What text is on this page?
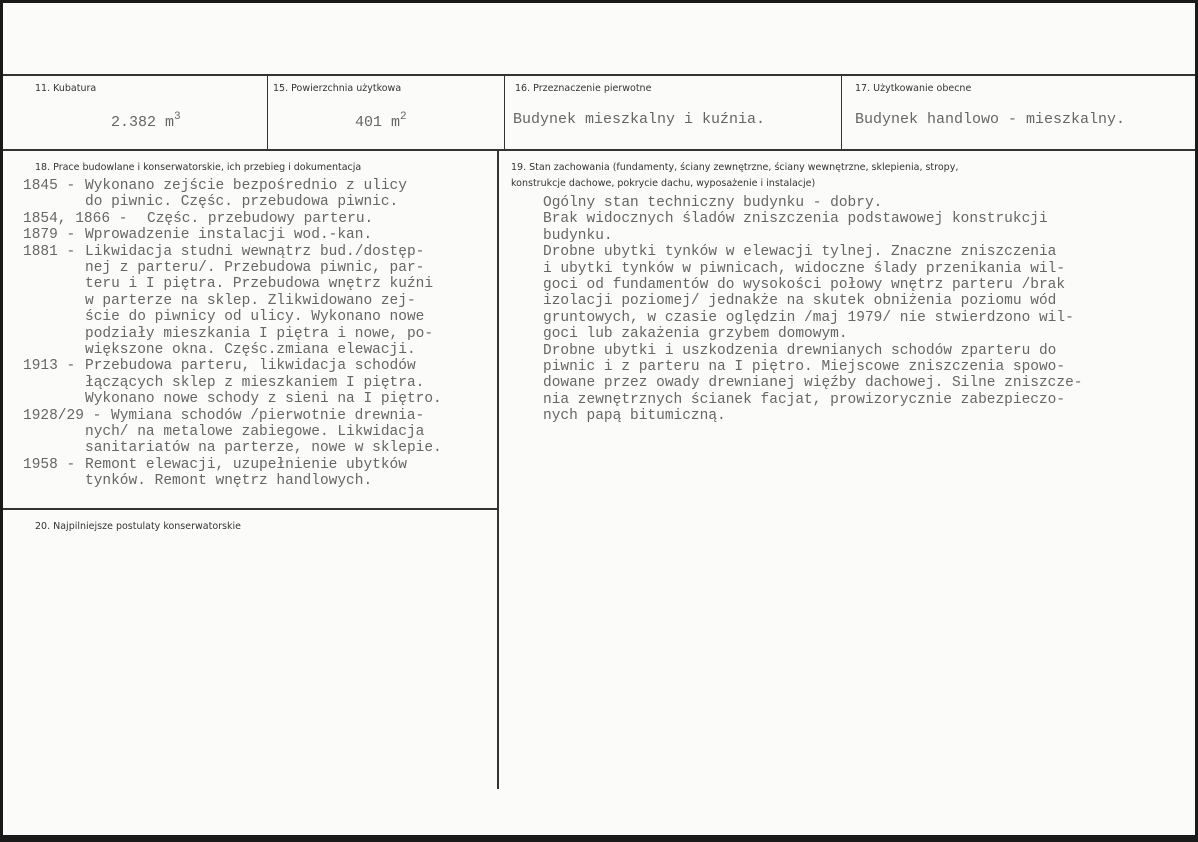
11. Kubatura
2.382 $m^3$
15. Powierzchnia użytkowa
401 $m^2$
16. Przeznaczenie pierwotne
Budynek mieszkalny i kuźnia.
17. Użytkowanie obecne
Budynek handlowo - mieszkalny.
18. Prace budowlane i konserwatorskie, ich przebieg i dokumentacja
1845 - Wykonano zejście bezpośrednio z ulicy
do piwnic. Częśc. przebudowa piwnic.
1854, 1866 - Częśc. przebudowy parteru.
1879 - Wprowadzenie instalacji wod.-kan.
1881 - Likwidacja studni wewnątrz bud./dostęp-
nej z parteru/. Przebudowa piwnic, par-
teru i I piętra. Przebudowa wnętrz kuźni
w parterze na sklep. Zlikwidowano zej-
ście do piwnicy od ulicy. Wykonano nowe
podziały mieszkania I piętra i nowe, po-
większone okna. Częśc.zmiana elewacji.
1913 - Przebudowa parteru, likwidacja schodów
łączących sklep z mieszkaniem I piętra.
Wykonano nowe schody z sieni na I piętro.
1928/29 - Wymiana schodów /pierwotnie drewnia-
nych/ na metalowe zabiegowe. Likwidacja
sanitariatów na parterze, nowe w sklepie.
1958 - Remont elewacji, uzupełnienie ubytków
tynków. Remont wnętrz handlowych.
19. Stan zachowania (fundamenty, ściany zewnętrzne, ściany wewnętrzne, sklepienia, stropy,
konstrukcje dachowe, pokrycie dachu, wyposażenie i instalacje)
Ogólny stan techniczny budynku - dobry.
Brak widocznych śladów zniszczenia podstawowej konstrukcji
budynku.
Drobne ubytki tynków w elewacji tylnej. Znaczne zniszczenia
i ubytki tynków w piwnicach, widoczne ślady przenikania wil-
goci od fundamentów do wysokości połowy wnętrz parteru /brak
izolacji poziomej/ jednakże na skutek obniżenia poziomu wód
gruntowych, w czasie oględzin /maj 1979/ nie stwierdzono wil-
goci lub zakażenia grzybem domowym.
Drobne ubytki i uszkodzenia drewnianych schodów zparteru do
piwnic i z parteru na I piętro. Miejscowe zniszczenia spowo-
dowane przez owady drewnianej więźby dachowej. Silne zniszcze-
nia zewnętrznych ścianek facjat, prowizorycznie zabezpieczo-
nych papą bitumiczną.
20. Najpilniejsze postulaty konserwatorskie
